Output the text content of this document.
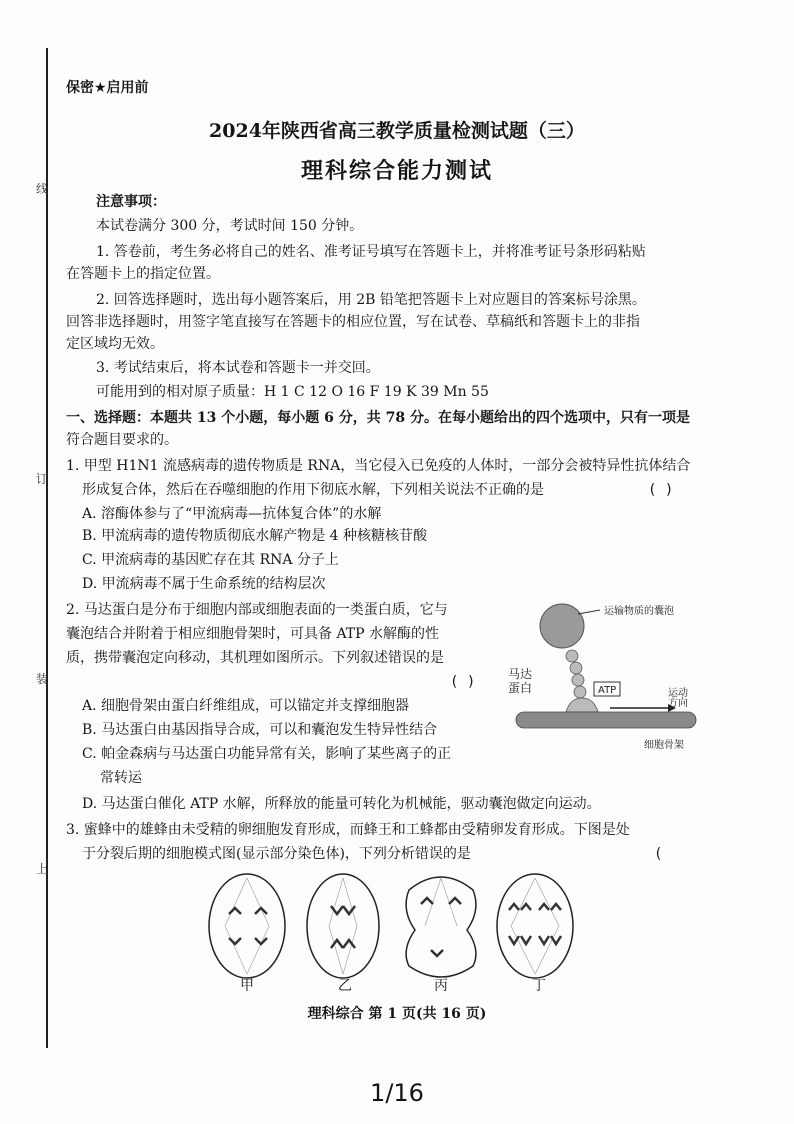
线
订
装
上
保密★启用前
2024年陕西省高三教学质量检测试题（三）
理科综合能力测试
注意事项：
本试卷满分 300 分，考试时间 150 分钟。
1. 答卷前，考生务必将自己的姓名、准考证号填写在答题卡上，并将准考证号条形码粘贴
在答题卡上的指定位置。
2. 回答选择题时，选出每小题答案后，用 2B 铅笔把答题卡上对应题目的答案标号涂黑。
回答非选择题时，用签字笔直接写在答题卡的相应位置，写在试卷、草稿纸和答题卡上的非指
定区域均无效。
3. 考试结束后，将本试卷和答题卡一并交回。
可能用到的相对原子质量：H 1 C 12 O 16 F 19 K 39 Mn 55
一、选择题：本题共 13 个小题，每小题 6 分，共 78 分。在每小题给出的四个选项中，只有一项是
符合题目要求的。
1. 甲型 H1N1 流感病毒的遗传物质是 RNA，当它侵入已免疫的人体时，一部分会被特异性抗体结合
形成复合体，然后在吞噬细胞的作用下彻底水解，下列相关说法不正确的是	( )
A. 溶酶体参与了“甲流病毒—抗体复合体”的水解
B. 甲流病毒的遗传物质彻底水解产物是 4 种核糖核苷酸
C. 甲流病毒的基因贮存在其 RNA 分子上
D. 甲流病毒不属于生命系统的结构层次
2. 马达蛋白是分布于细胞内部或细胞表面的一类蛋白质，它与
囊泡结合并附着于相应细胞骨架时，可具备 ATP 水解酶的性
质，携带囊泡定向移动，其机理如图所示。下列叙述错误的是
( )
A. 细胞骨架由蛋白纤维组成，可以锚定并支撑细胞器
B. 马达蛋白由基因指导合成，可以和囊泡发生特异性结合
C. 帕金森病与马达蛋白功能异常有关，影响了某些离子的正
常转运
D. 马达蛋白催化 ATP 水解，所释放的能量可转化为机械能，驱动囊泡做定向运动。
运输物质的囊泡
ATP	运动
方向
马达
蛋白
细胞骨架
3. 蜜蜂中的雄蜂由未受精的卵细胞发育形成，而蜂王和工蜂都由受精卵发育形成。下图是处
于分裂后期的细胞模式图(显示部分染色体)，下列分析错误的是	(
甲	乙	丙	丁
理科综合 第 1 页(共 16 页)
1/16
